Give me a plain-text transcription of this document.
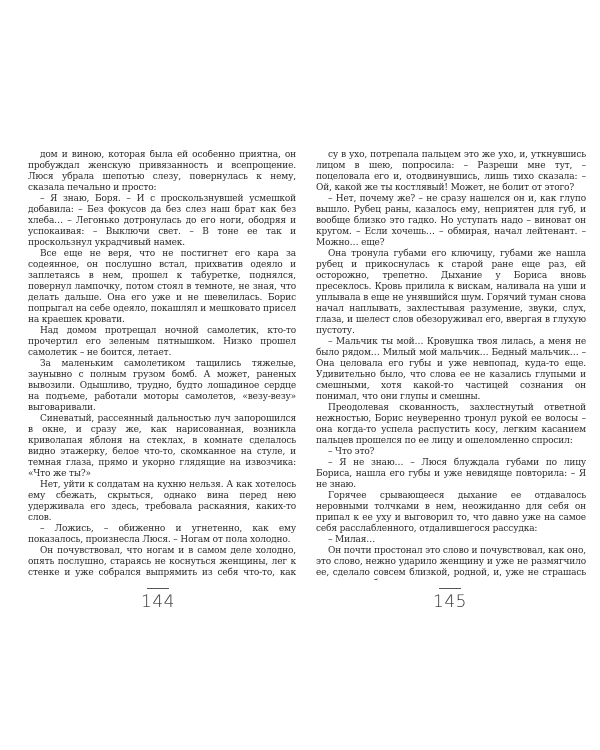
дом и виною, которая была ей особенно приятна, он пробуждал женскую привязанность и всепрощение. Люся убрала шепотью слезу, повернулась к нему, сказала печально и просто:

– Я знаю, Боря. – И с проскользнувшей усмешкой добавила: – Без фокусов да без слез наш брат как без хлеба… – Легонько дотронулась до его ноги, ободряя и успокаивая: – Выключи свет. – В тоне ее так и проскользнул украдчивый намек.

Все еще не веря, что не постигнет его кара за содеянное, он послушно встал, прихватив одеяло и заплетаясь в нем, прошел к табуретке, поднялся, повернул лампочку, потом стоял в темноте, не зная, что делать дальше. Она его уже и не шевелилась. Борис попрыгал на себе одеяло, покашлял и мешковато присел на краешек кровати.

Над домом протрещал ночной самолетик, кто-то прочертил его зеленым пятнышком. Низко прошел самолетик – не боится, летает.

За маленьким самолетиком тащились тяжелые, заунывно с полным грузом бомб. А может, раненых вывозили. Одышливо, трудно, будто лошадиное сердце на подъеме, работали моторы самолетов, «везу-везу» выговаривали.

Синеватый, рассеянный дальностью луч запорошился в окне, и сразу же, как нарисованная, возникла криволапая яблоня на стеклах, в комнате сделалось видно этажерку, белое что-то, скомканное на стуле, и темная глаза, прямо и укорно глядящие на извозчика: «Что же ты?»

Нет, уйти к солдатам на кухню нельзя. А как хотелось ему сбежать, скрыться, однако вина перед нею удерживала его здесь, требовала раскаяния, каких-то слов.

– Ложись, – обиженно и угнетенно, как ему показалось, произнесла Люся. – Ногам от пола холодно.

Он почувствовал, что ногам и в самом деле холодно, опять послушно, стараясь не коснуться женщины, лег к стенке и уже собрался выпрямить из себя что-то, как

су в ухо, потрепала пальцем это же ухо, и, уткнувшись лицом в шею, попросила: – Разреши мне тут, – поцеловала его и, отодвинувшись, лишь тихо сказала: – Ой, какой же ты костлявый! Может, не болит от этого?

– Нет, почему же? – не сразу нашелся он и, как глупо вышло. Рубец раны, казалось ему, неприятен для губ, и вообще близко это гадко. Но уступать надо – виноват он кругом. – Если хочешь… – обмирая, начал лейтенант. – Можно… еще?

Она тронула губами его ключицу, губами же нашла рубец и прикоснулась к старой ране еще раз, ей осторожно, трепетно. Дыхание у Бориса вновь пресеклось. Кровь прилила к вискам, наливала на уши и уплывала в еще не унявшийся шум. Горячий туман снова начал наплывать, захлестывая разумение, звуки, слух, глаза, и шелест слов обезоруживал его, ввергая в глухую пустоту.

– Мальчик ты мой… Кровушка твоя лилась, а меня не было рядом… Милый мой мальчик… Бедный мальчик… – Она целовала его губы и уже невпопад, куда-то еще. Удивительно было, что слова ее не казались глупыми и смешными, хотя какой-то частицей сознания он понимал, что они глупы и смешны.

Преодолевая скованность, захлестнутый ответной нежностью, Борис неуверенно тронул рукой ее волосы – она когда-то успела распустить косу, легким касанием пальцев прошелся по ее лицу и ошеломленно спросил:

– Что это?

– Я не знаю… – Люся блуждала губами по лицу Бориса, нашла его губы и уже невидяще повторила: – Я не знаю.

Горячее срывающееся дыхание ее отдавалось неровными толчками в нем, неожиданно для себя он припал к ее уху и выговорил то, что давно уже на самое себя расслабленного, отдалившегося рассудка:

– Милая…

Он почти простонал это слово и почувствовал, как оно, это слово, нежно ударило женщину и уже не размягчило ее, сделало совсем близкой, родной, и, уже не страшась

144	145
